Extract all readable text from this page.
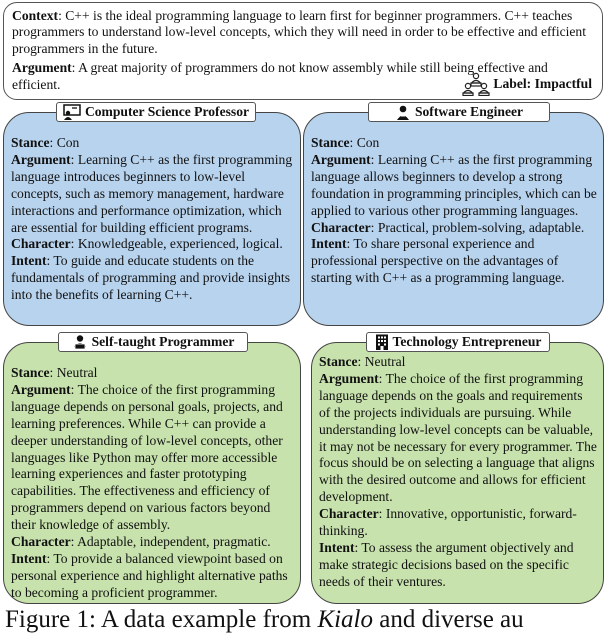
Context: C++ is the ideal programming language to learn first for beginner programmers. C++ teaches programmers to understand low-level concepts, which they will need in order to be effective and efficient programmers in the future.

Argument: A great majority of programmers do not know assembly while still being effective and efficient.	Label:
Impactful

Stance: Con

Argument: Learning C++ as the first programming language introduces beginners to low-level concepts, such as memory management, hardware interactions and performance optimization, which are essential for building efficient programs.

Character: Knowledgeable, experienced, logical.

Intent: To guide and educate students on the fundamentals of programming and provide insights into the benefits of learning C++.

Computer Science Professor

Stance: Con

Argument: Learning C++ as the first programming language allows beginners to develop a strong foundation in programming principles, which can be applied to various other programming languages.

Character: Practical, problem-solving, adaptable.

Intent: To share personal experience and professional perspective on the advantages of starting with C++ as a programming language.

Software Engineer

Stance: Neutral

Argument: The choice of the first programming language depends on personal goals, projects, and learning preferences. While C++ can provide a deeper understanding of low-level concepts, other languages like Python may offer more accessible learning experiences and faster prototyping capabilities. The effectiveness and efficiency of programmers depend on various factors beyond their knowledge of assembly.

Character: Adaptable, independent, pragmatic.

Intent: To provide a balanced viewpoint based on personal experience and highlight alternative paths to becoming a proficient programmer.

Self-taught Programmer

Stance: Neutral

Argument: The choice of the first programming language depends on the goals and requirements of the projects individuals are pursuing. While understanding low-level concepts can be valuable, it may not be necessary for every programmer. The focus should be on selecting a language that aligns with the desired outcome and allows for efficient development.

Character: Innovative, opportunistic, forward-thinking.

Intent: To assess the argument objectively and make strategic decisions based on the specific needs of their ventures.

Technology Entrepreneur
Figure 1: A data example from Kialo and diverse au
